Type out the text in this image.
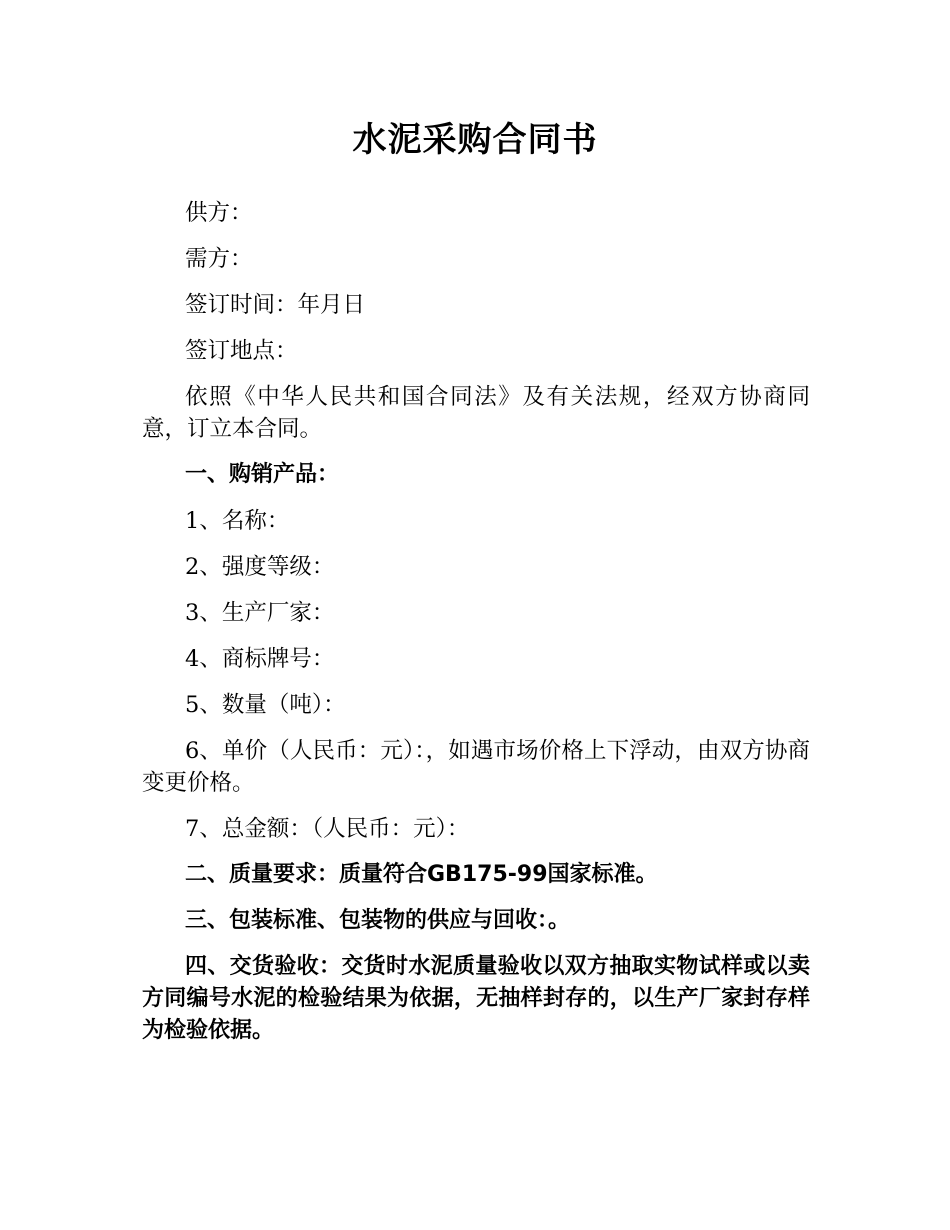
水泥采购合同书

供方：

需方：

签订时间：年月日

签订地点：

依照《中华人民共和国合同法》及有关法规，经双方协商同意，订立本合同。

一、购销产品：

1、名称：

2、强度等级：

3、生产厂家：

4、商标牌号：

5、数量（吨）：

6、单价（人民币：元）：，如遇市场价格上下浮动，由双方协商变更价格。

7、总金额：（人民币：元）：

二、质量要求：质量符合GB175-99国家标准。

三、包装标准、包装物的供应与回收：。

四、交货验收：交货时水泥质量验收以双方抽取实物试样或以卖方同编号水泥的检验结果为依据，无抽样封存的，以生产厂家封存样为检验依据。
